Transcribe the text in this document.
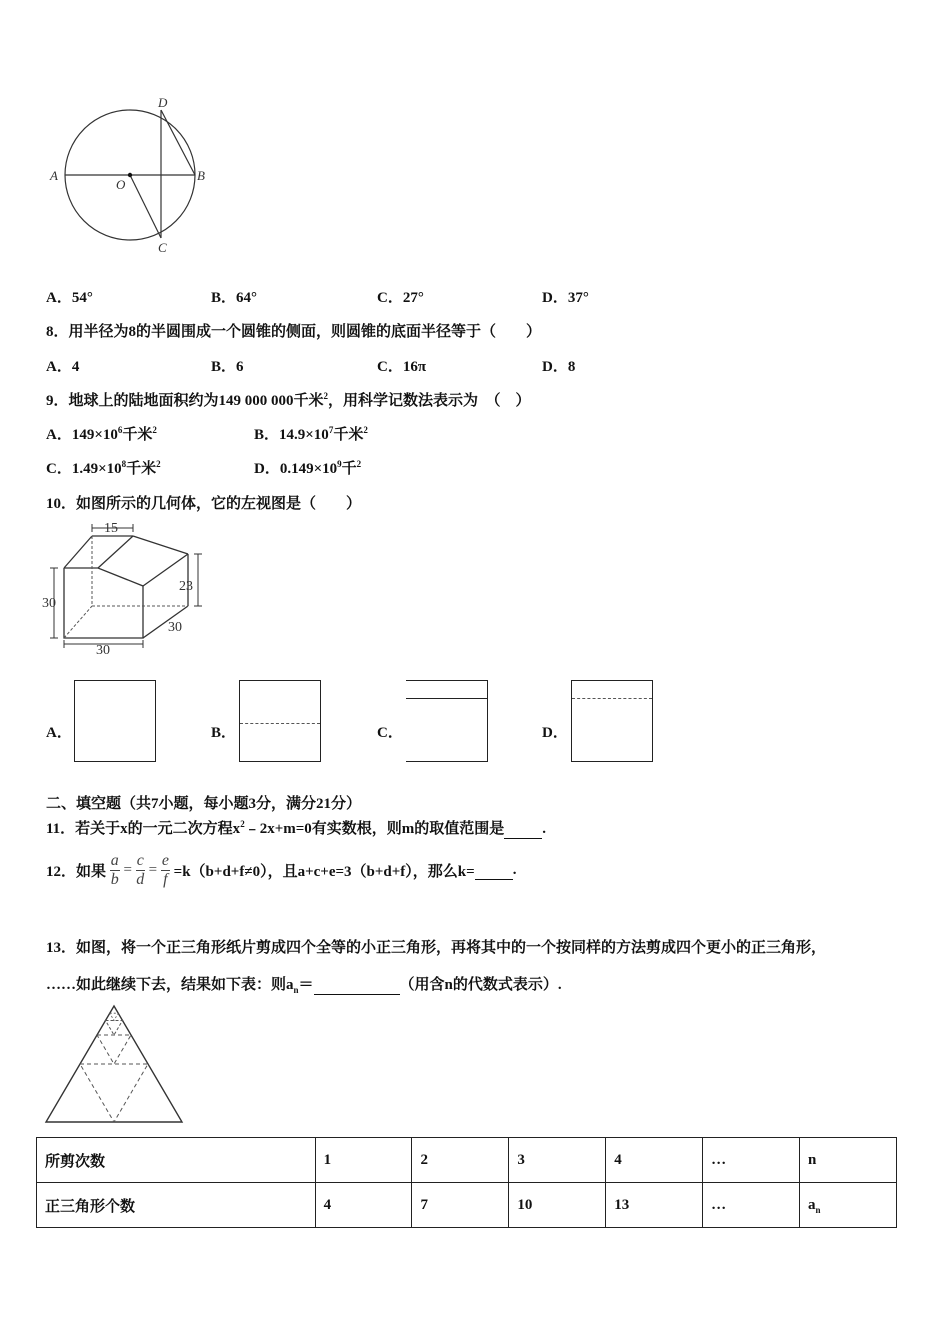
A
O
B
D
C
A．54°	B．64°	C．27°	D．37°
8．用半径为8的半圆围成一个圆锥的侧面，则圆锥的底面半径等于（　　）
A．4	B．6	C．16π	D．8
9．地球上的陆地面积约为149 000 000千米$^2$，用科学记数法表示为　（　）
A．$149\times 10^6$千米$^2$	B．$14.9\times 10^7$千米$^2$
C．$1.49\times 10^8$千米$^2$	D．$0.149\times 10^9$千$^2$
10．如图所示的几何体，它的左视图是（　　）
15
23
30
30
30
A．	B．	C．	D．
二、填空题（共7小题，每小题3分，满分21分）
11．若关于x的一元二次方程$x^2﹣2x+m=0$有实数根，则m的取值范围是	.
12．如果 $\frac{a}{b} = \frac{c}{d} = \frac{e}{f} =k(b+d+f\ne 0)$，且a+c+e=3（b+d+f），那么k=	.
13．如图，将一个正三角形纸片剪成四个全等的小正三角形，再将其中的一个按同样的方法剪成四个更小的正三角形，
……如此继续下去，结果如下表：则$a_n=$	（用含n的代数式表示）.
所剪次数	1	2	3	4	…	n
正三角形个数	4	7	10	13	…	$a_n$
